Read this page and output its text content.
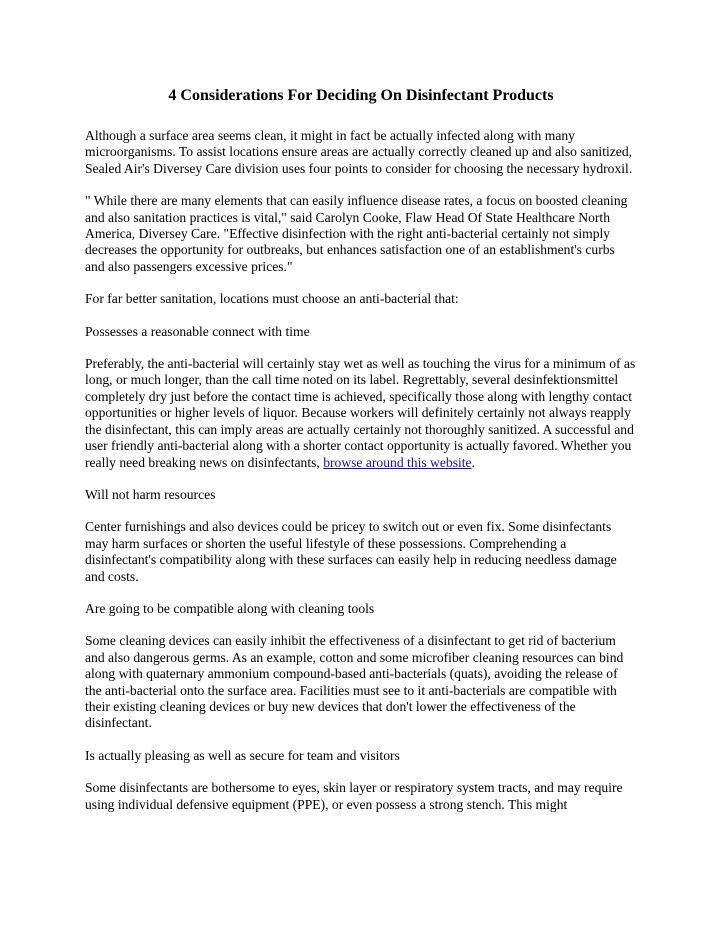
4 Considerations For Deciding On Disinfectant Products

Although a surface area seems clean, it might in fact be actually infected along with many microorganisms. To assist locations ensure areas are actually correctly cleaned up and also sanitized, Sealed Air's Diversey Care division uses four points to consider for choosing the necessary hydroxil.

" While there are many elements that can easily influence disease rates, a focus on boosted cleaning and also sanitation practices is vital," said Carolyn Cooke, Flaw Head Of State Healthcare North America, Diversey Care. "Effective disinfection with the right anti-bacterial certainly not simply decreases the opportunity for outbreaks, but enhances satisfaction one of an establishment's curbs and also passengers excessive prices."

For far better sanitation, locations must choose an anti-bacterial that:

Possesses a reasonable connect with time

Preferably, the anti-bacterial will certainly stay wet as well as touching the virus for a minimum of as long, or much longer, than the call time noted on its label. Regrettably, several desinfektionsmittel completely dry just before the contact time is achieved, specifically those along with lengthy contact opportunities or higher levels of liquor. Because workers will definitely certainly not always reapply the disinfectant, this can imply areas are actually certainly not thoroughly sanitized. A successful and user friendly anti-bacterial along with a shorter contact opportunity is actually favored. Whether you really need breaking news on disinfectants, browse around this website.

Will not harm resources

Center furnishings and also devices could be pricey to switch out or even fix. Some disinfectants may harm surfaces or shorten the useful lifestyle of these possessions. Comprehending a disinfectant's compatibility along with these surfaces can easily help in reducing needless damage and costs.

Are going to be compatible along with cleaning tools

Some cleaning devices can easily inhibit the effectiveness of a disinfectant to get rid of bacterium and also dangerous germs. As an example, cotton and some microfiber cleaning resources can bind along with quaternary ammonium compound-based anti-bacterials (quats), avoiding the release of the anti-bacterial onto the surface area. Facilities must see to it anti-bacterials are compatible with their existing cleaning devices or buy new devices that don't lower the effectiveness of the disinfectant.

Is actually pleasing as well as secure for team and visitors

Some disinfectants are bothersome to eyes, skin layer or respiratory system tracts, and may require using individual defensive equipment (PPE), or even possess a strong stench. This might
